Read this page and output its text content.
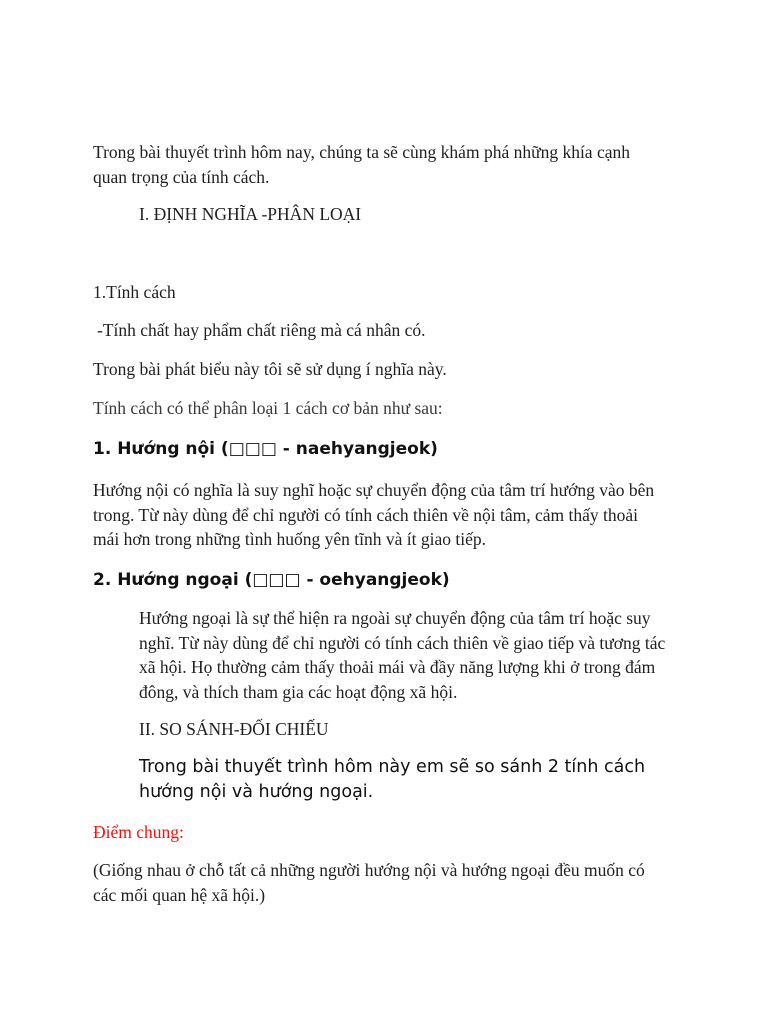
Trong bài thuyết trình hôm nay, chúng ta sẽ cùng khám phá những khía cạnh quan trọng của tính cách.

I. ĐỊNH NGHĨA -PHÂN LOẠI

1.Tính cách

-Tính chất hay phẩm chất riêng mà cá nhân có.

Trong bài phát biểu này tôi sẽ sử dụng í nghĩa này.

Tính cách có thể phân loại 1 cách cơ bản như sau:

1. Hướng nội (□□□ - naehyangjeok)

Hướng nội có nghĩa là suy nghĩ hoặc sự chuyển động của tâm trí hướng vào bên trong. Từ này dùng để chỉ người có tính cách thiên về nội tâm, cảm thấy thoải mái hơn trong những tình huống yên tĩnh và ít giao tiếp.

2. Hướng ngoại (□□□ - oehyangjeok)

Hướng ngoại là sự thể hiện ra ngoài sự chuyển động của tâm trí hoặc suy nghĩ. Từ này dùng để chỉ người có tính cách thiên về giao tiếp và tương tác xã hội. Họ thường cảm thấy thoải mái và đầy năng lượng khi ở trong đám đông, và thích tham gia các hoạt động xã hội.

II. SO SÁNH-ĐỐI CHIẾU

Trong bài thuyết trình hôm này em sẽ so sánh 2 tính cách hướng nội và hướng ngoại.

Điểm chung:

(Giống nhau ở chỗ tất cả những người hướng nội và hướng ngoại đều muốn có các mối quan hệ xã hội.)
